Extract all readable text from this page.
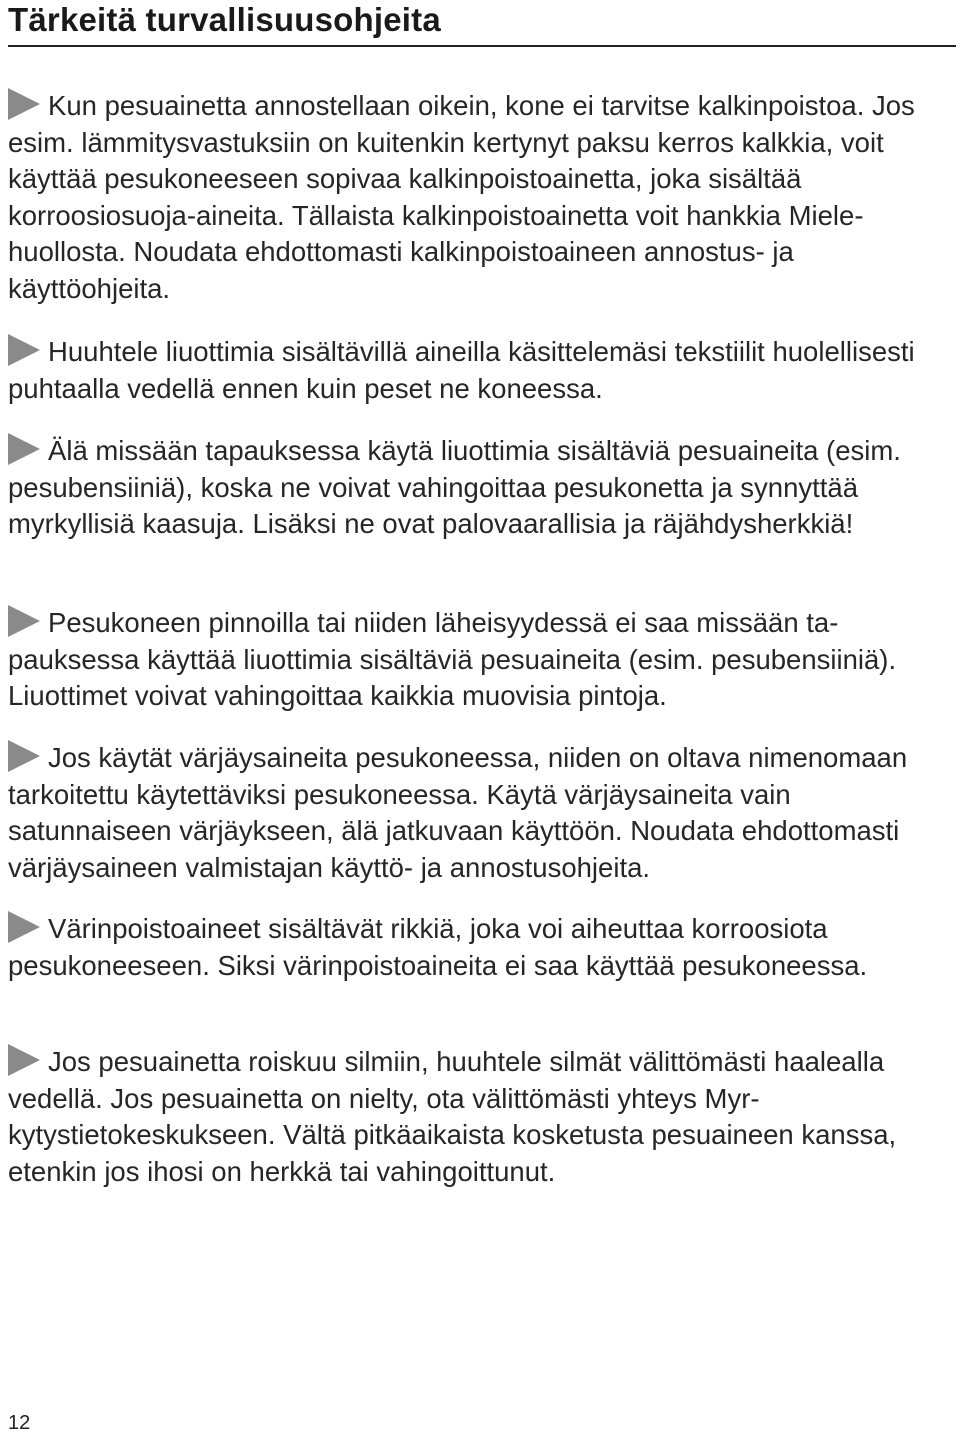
Tärkeitä turvallisuusohjeita

Kun pesuainetta annostellaan oikein, kone ei tarvitse kalkinpoistoa. Jos esim. lämmitysvastuksiin on kuitenkin kertynyt paksu kerros kalkkia, voit käyttää pesukoneeseen sopivaa kalkinpoistoainetta, joka sisältää korroosiosuoja-aineita. Tällaista kalkinpoistoainetta voit hankkia Miele-huollosta. Noudata ehdottomasti kalkinpoistoaineen annostus- ja käyttöohjeita.

Huuhtele liuottimia sisältävillä aineilla käsittelemäsi tekstiilit huolellisesti puhtaalla vedellä ennen kuin peset ne koneessa.

Älä missään tapauksessa käytä liuottimia sisältäviä pesuaineita (esim. pesubensiiniä), koska ne voivat vahingoittaa pesukonetta ja synnyttää myrkyllisiä kaasuja. Lisäksi ne ovat palovaarallisia ja räjähdysherkkiä!

Pesukoneen pinnoilla tai niiden läheisyydessä ei saa missään tapauksessa käyttää liuottimia sisältäviä pesuaineita (esim. pesubensiiniä). Liuottimet voivat vahingoittaa kaikkia muovisia pintoja.

Jos käytät värjäysaineita pesukoneessa, niiden on oltava nimenomaan tarkoitettu käytettäviksi pesukoneessa. Käytä värjäysaineita vain satunnaiseen värjäykseen, älä jatkuvaan käyttöön. Noudata ehdottomasti värjäysaineen valmistajan käyttö- ja annostusohjeita.

Värinpoistoaineet sisältävät rikkiä, joka voi aiheuttaa korroosiota pesukoneeseen. Siksi värinpoistoaineita ei saa käyttää pesukoneessa.

Jos pesuainetta roiskuu silmiin, huuhtele silmät välittömästi haalealla vedellä. Jos pesuainetta on nielty, ota välittömästi yhteys Myrkytystietokeskukseen. Vältä pitkäaikaista kosketusta pesuaineen kanssa, etenkin jos ihosi on herkkä tai vahingoittunut.

12
